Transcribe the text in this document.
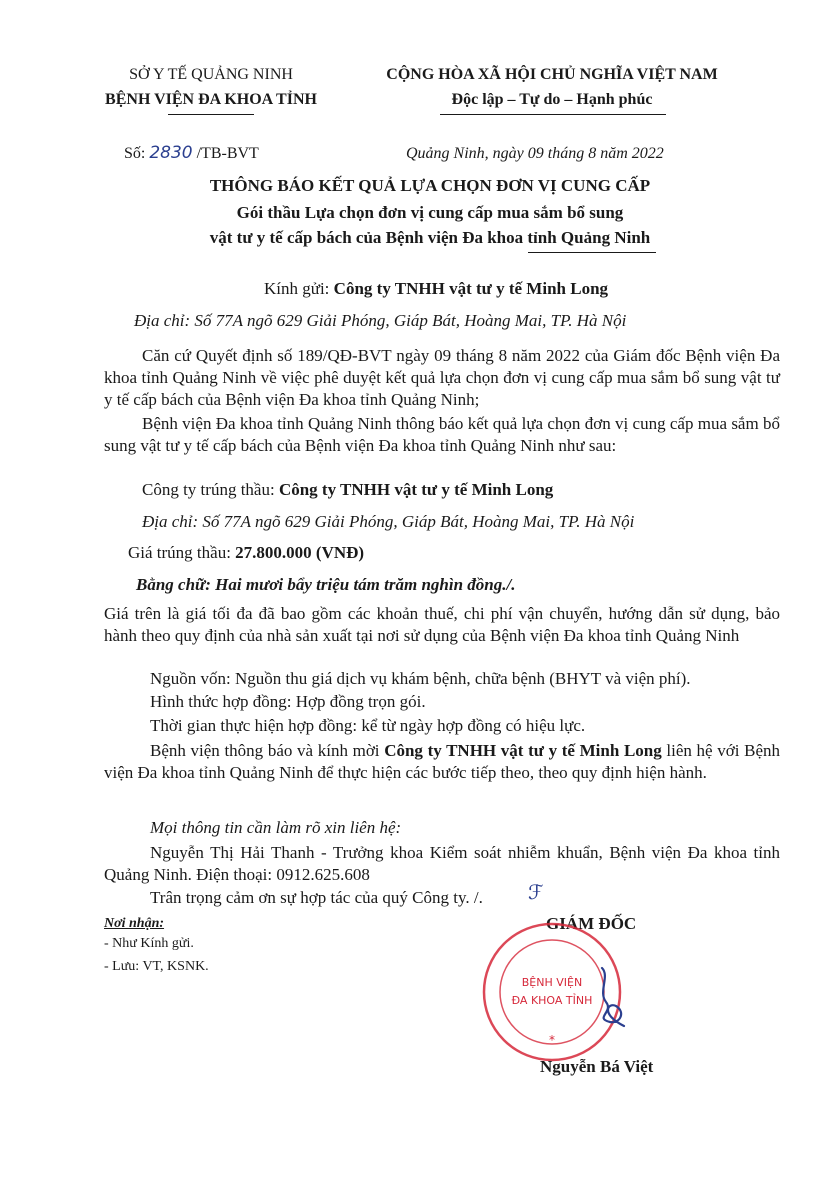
SỞ Y TẾ QUẢNG NINH
BỆNH VIỆN ĐA KHOA TỈNH
CỘNG HÒA XÃ HỘI CHỦ NGHĨA VIỆT NAM
Độc lập – Tự do – Hạnh phúc
Số: 2830 /TB-BVT	Quảng Ninh, ngày 09 tháng 8 năm 2022
THÔNG BÁO KẾT QUẢ LỰA CHỌN ĐƠN VỊ CUNG CẤP
Gói thầu Lựa chọn đơn vị cung cấp mua sắm bổ sung
vật tư y tế cấp bách của Bệnh viện Đa khoa tỉnh Quảng Ninh
Kính gửi: Công ty TNHH vật tư y tế Minh Long
Địa chỉ: Số 77A ngõ 629 Giải Phóng, Giáp Bát, Hoàng Mai, TP. Hà Nội
Căn cứ Quyết định số 189/QĐ-BVT ngày 09 tháng 8 năm 2022 của Giám đốc Bệnh viện Đa khoa tỉnh Quảng Ninh về việc phê duyệt kết quả lựa chọn đơn vị cung cấp mua sắm bổ sung vật tư y tế cấp bách của Bệnh viện Đa khoa tỉnh Quảng Ninh;
Bệnh viện Đa khoa tỉnh Quảng Ninh thông báo kết quả lựa chọn đơn vị cung cấp mua sắm bổ sung vật tư y tế cấp bách của Bệnh viện Đa khoa tỉnh Quảng Ninh như sau:
Công ty trúng thầu: Công ty TNHH vật tư y tế Minh Long
Địa chỉ: Số 77A ngõ 629 Giải Phóng, Giáp Bát, Hoàng Mai, TP. Hà Nội
Giá trúng thầu: 27.800.000 (VNĐ)
Bằng chữ: Hai mươi bẩy triệu tám trăm nghìn đồng./.
Giá trên là giá tối đa đã bao gồm các khoản thuế, chi phí vận chuyển, hướng dẫn sử dụng, bảo hành theo quy định của nhà sản xuất tại nơi sử dụng của Bệnh viện Đa khoa tỉnh Quảng Ninh
Nguồn vốn: Nguồn thu giá dịch vụ khám bệnh, chữa bệnh (BHYT và viện phí).
Hình thức hợp đồng: Hợp đồng trọn gói.
Thời gian thực hiện hợp đồng: kể từ ngày hợp đồng có hiệu lực.
Bệnh viện thông báo và kính mời Công ty TNHH vật tư y tế Minh Long liên hệ với Bệnh viện Đa khoa tỉnh Quảng Ninh để thực hiện các bước tiếp theo, theo quy định hiện hành.
Mọi thông tin cần làm rõ xin liên hệ:
Nguyễn Thị Hải Thanh - Trưởng khoa Kiểm soát nhiễm khuẩn, Bệnh viện Đa khoa tỉnh Quảng Ninh. Điện thoại: 0912.625.608
Trân trọng cảm ơn sự hợp tác của quý Công ty. /. ℱ
Nơi nhận:
- Như Kính gửi.
- Lưu: VT, KSNK.
GIÁM ĐỐC
BỆNH VIỆN
ĐA KHOA TỈNH
*
Nguyễn Bá Việt
